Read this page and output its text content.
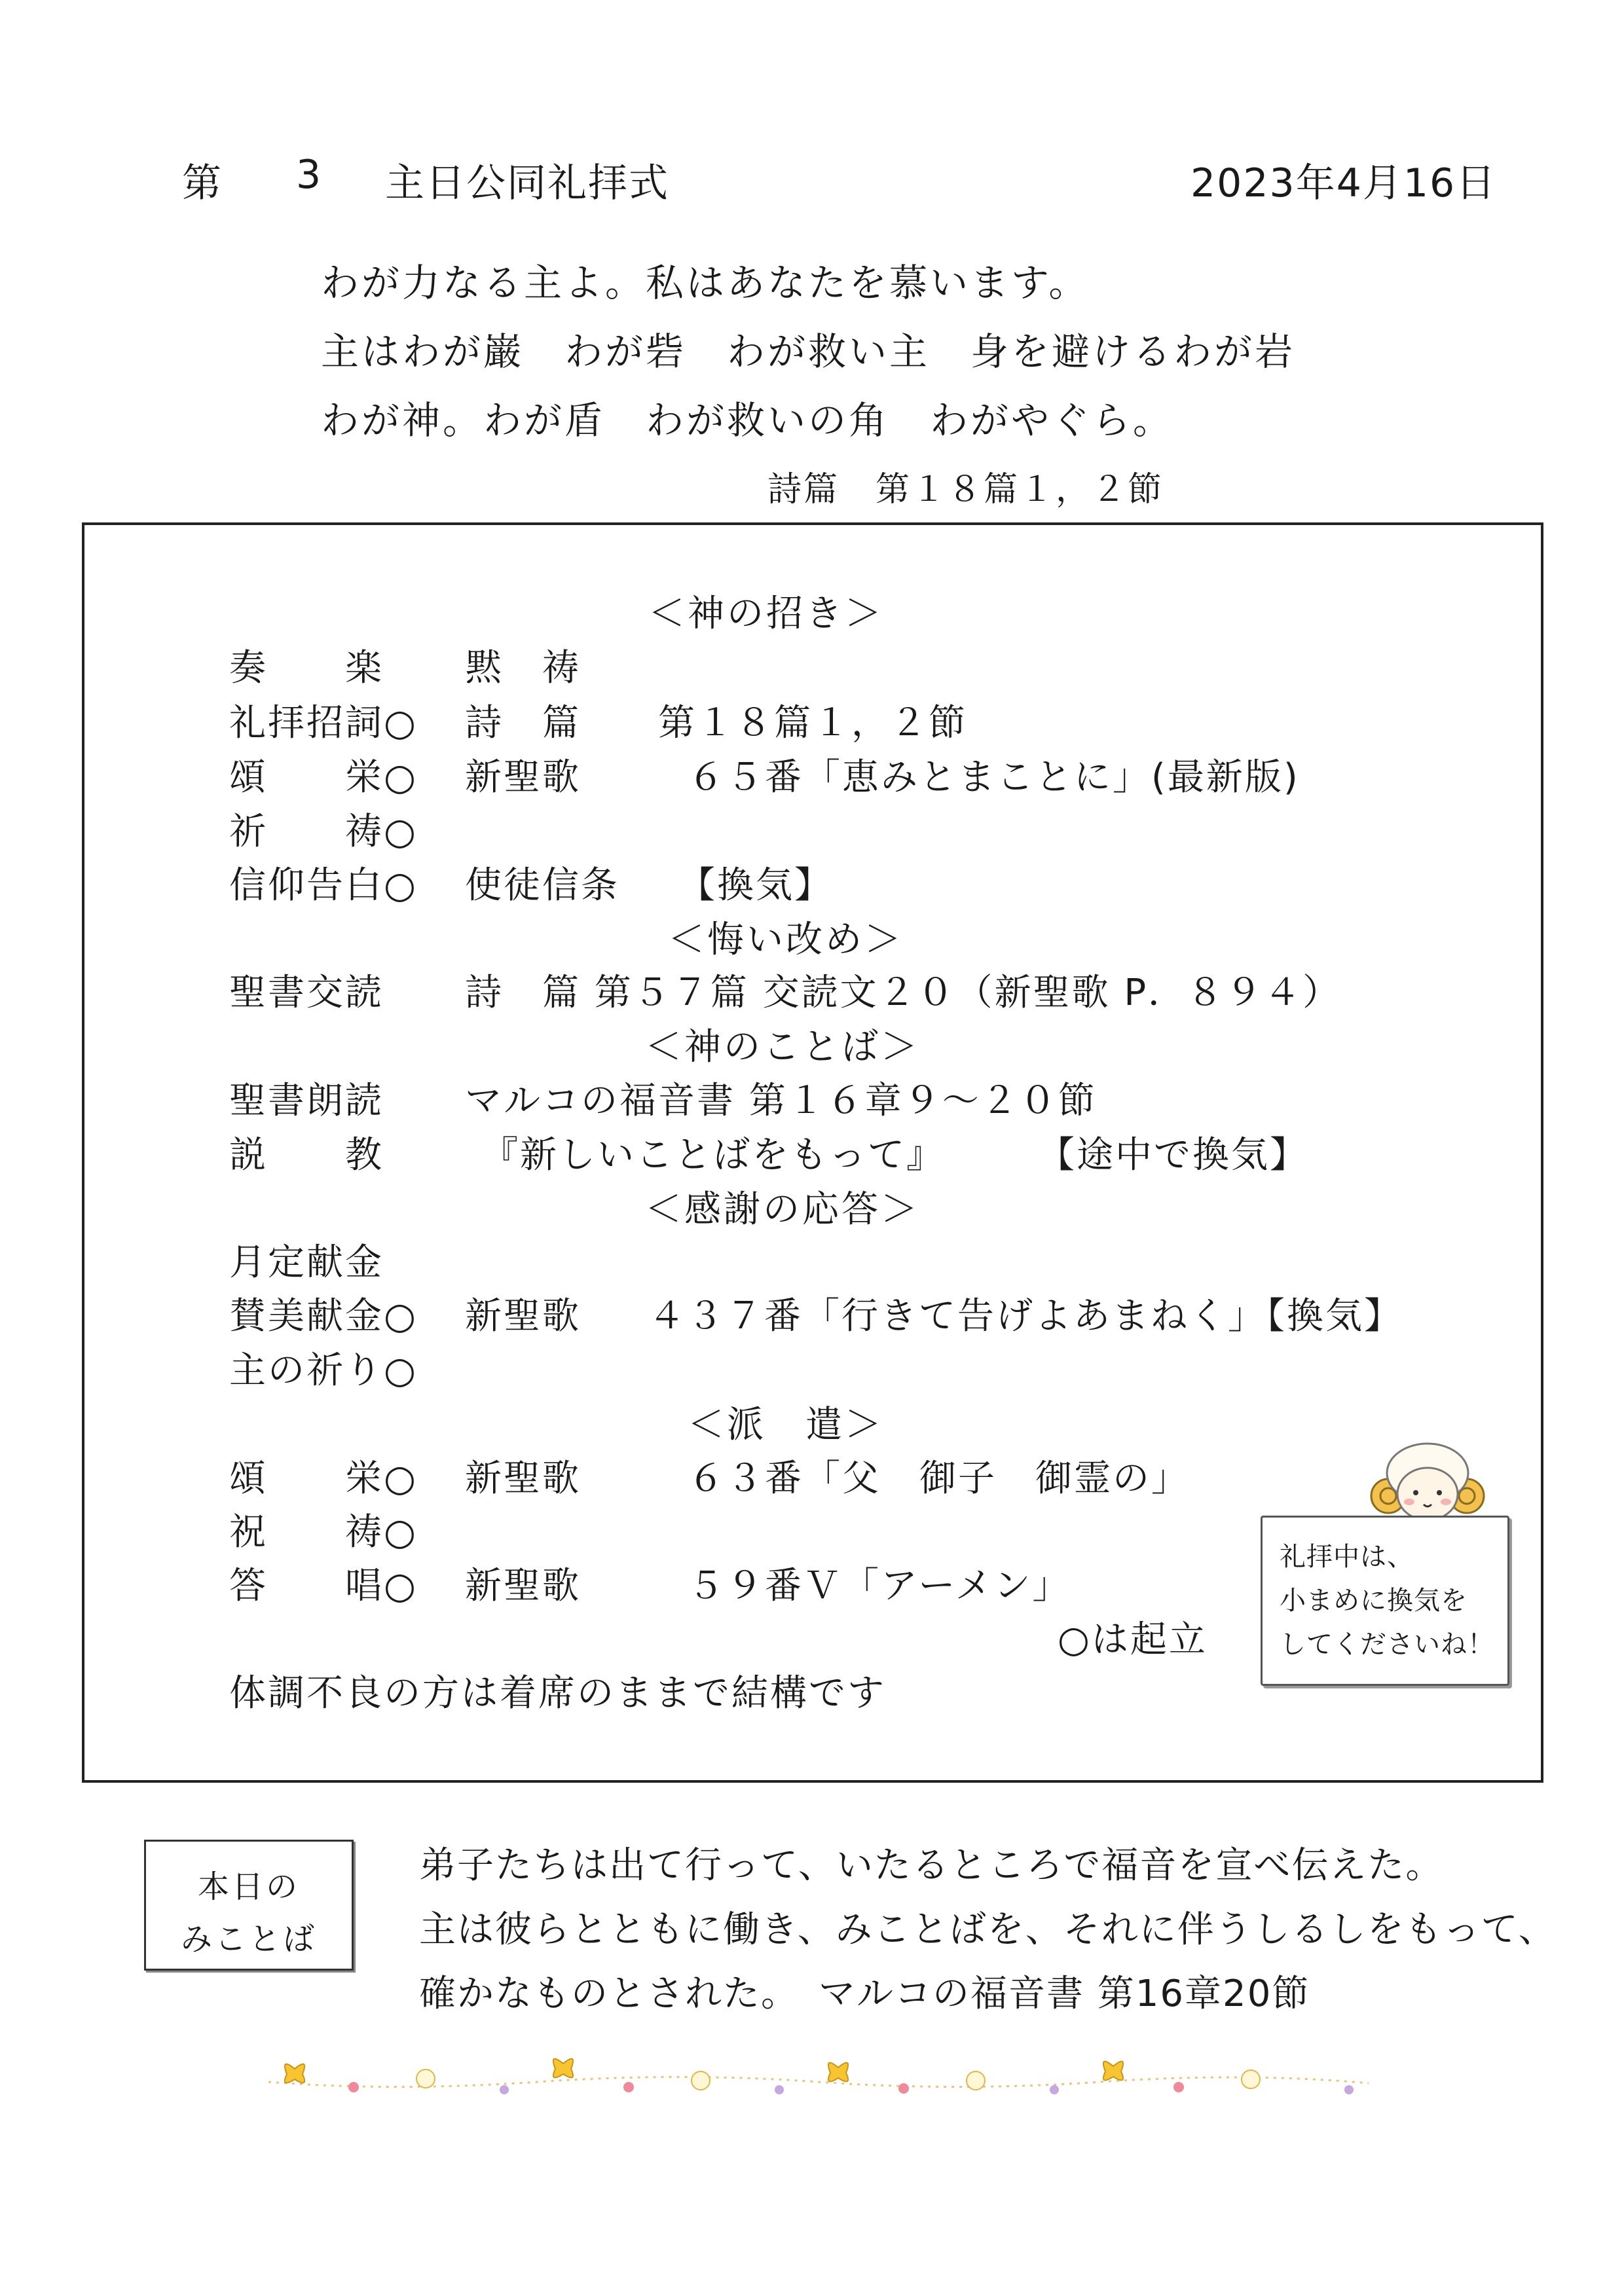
第 3 主日公同礼拝式	2023年4月16日
わが力なる主よ。私はあなたを慕います。
主はわが巌　わが砦　わが救い主　身を避けるわが岩
わが神。わが盾　わが救いの角　わがやぐら。
詩篇　第１８篇１，２節
＜神の招き＞
奏　　楽 黙　祷
礼拝招詞○ 詩　篇　　第１８篇１，２節
頌　　栄○ 新聖歌	６５番「恵みとまことに」(最新版)
祈　　祷○
信仰告白○ 使徒信条　　【換気】
＜悔い改め＞
聖書交読 詩　篇 第５７篇 交読文２０（新聖歌 P．８９４）
＜神のことば＞
聖書朗読 マルコの福音書 第１６章９～２０節
説　　教	『新しいことばをもって』	【途中で換気】
＜感謝の応答＞
月定献金
賛美献金○ 新聖歌 ４３７番「行きて告げよあまねく」【換気】
主の祈り○
＜派　遣＞
頌　　栄○ 新聖歌	６３番「父　御子　御霊の」
祝　　祷○
答　　唱○ 新聖歌	５９番Ｖ「アーメン」
○は起立
体調不良の方は着席のままで結構です
礼拝中は、
小まめに換気を
してくださいね！
本日の
みことば
弟子たちは出て行って、いたるところで福音を宣べ伝えた。
主は彼らとともに働き、みことばを、それに伴うしるしをもって、
確かなものとされた。　マルコの福音書 第16章20節
